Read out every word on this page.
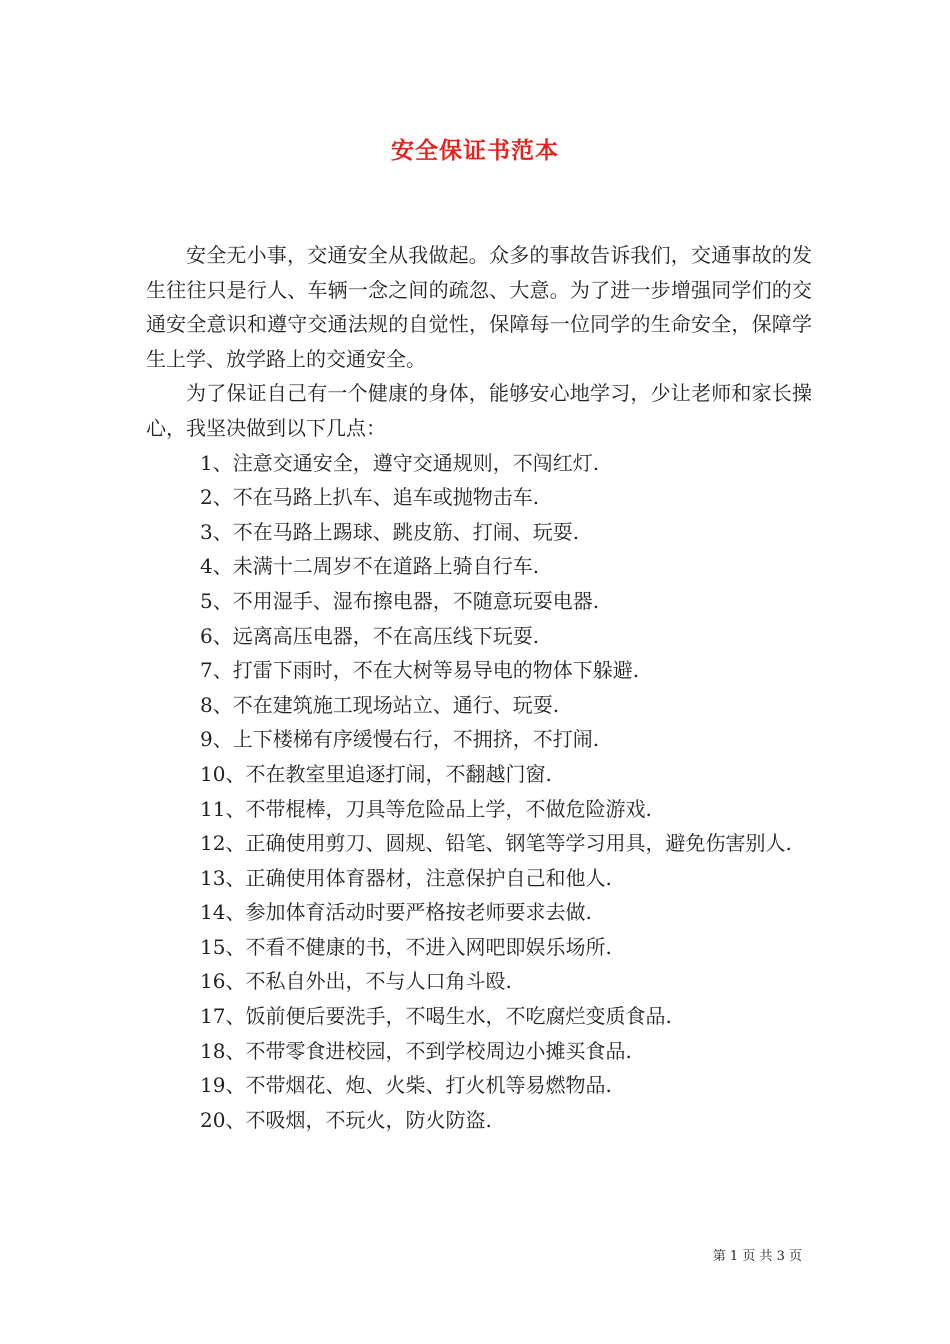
安全保证书范本

安全无小事，交通安全从我做起。众多的事故告诉我们，交通事故的发生往往只是行人、车辆一念之间的疏忽、大意。为了进一步增强同学们的交通安全意识和遵守交通法规的自觉性，保障每一位同学的生命安全，保障学生上学、放学路上的交通安全。

为了保证自己有一个健康的身体，能够安心地学习，少让老师和家长操心，我坚决做到以下几点：

1、注意交通安全，遵守交通规则，不闯红灯.

2、不在马路上扒车、追车或抛物击车.

3、不在马路上踢球、跳皮筋、打闹、玩耍.

4、未满十二周岁不在道路上骑自行车.

5、不用湿手、湿布擦电器，不随意玩耍电器.

6、远离高压电器，不在高压线下玩耍.

7、打雷下雨时，不在大树等易导电的物体下躲避.

8、不在建筑施工现场站立、通行、玩耍.

9、上下楼梯有序缓慢右行，不拥挤，不打闹.

10、不在教室里追逐打闹，不翻越门窗.

11、不带棍棒，刀具等危险品上学，不做危险游戏.

12、正确使用剪刀、圆规、铅笔、钢笔等学习用具，避免伤害别人.

13、正确使用体育器材，注意保护自己和他人.

14、参加体育活动时要严格按老师要求去做.

15、不看不健康的书，不进入网吧即娱乐场所.

16、不私自外出，不与人口角斗殴.

17、饭前便后要洗手，不喝生水，不吃腐烂变质食品.

18、不带零食进校园，不到学校周边小摊买食品.

19、不带烟花、炮、火柴、打火机等易燃物品.

20、不吸烟，不玩火，防火防盗.

第 1 页 共 3 页
